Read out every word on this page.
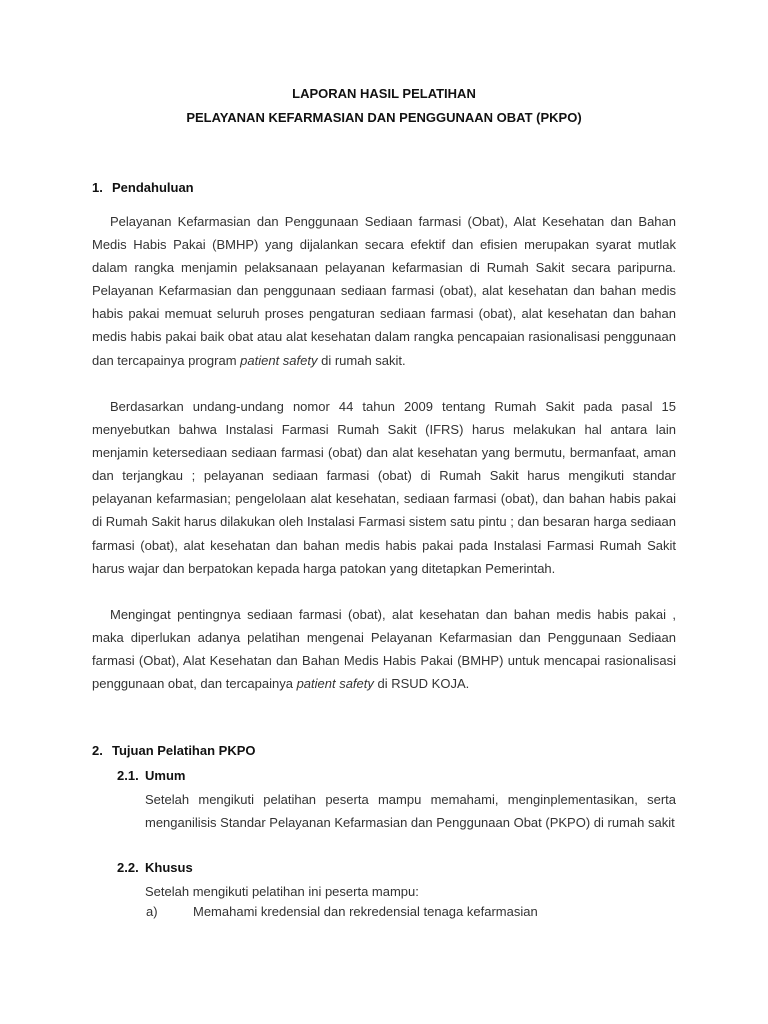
LAPORAN HASIL PELATIHAN
PELAYANAN KEFARMASIAN DAN PENGGUNAAN OBAT (PKPO)
1. Pendahuluan
Pelayanan Kefarmasian dan Penggunaan Sediaan farmasi (Obat), Alat Kesehatan dan Bahan Medis Habis Pakai (BMHP) yang dijalankan secara efektif dan efisien merupakan syarat mutlak dalam rangka menjamin pelaksanaan pelayanan kefarmasian di Rumah Sakit secara paripurna. Pelayanan Kefarmasian dan penggunaan sediaan farmasi (obat), alat kesehatan dan bahan medis habis pakai memuat seluruh proses pengaturan sediaan farmasi (obat), alat kesehatan dan bahan medis habis pakai baik obat atau alat kesehatan dalam rangka pencapaian rasionalisasi penggunaan dan tercapainya program patient safety di rumah sakit.
Berdasarkan undang-undang nomor 44 tahun 2009 tentang Rumah Sakit pada pasal 15 menyebutkan bahwa Instalasi Farmasi Rumah Sakit (IFRS) harus melakukan hal antara lain menjamin ketersediaan sediaan farmasi (obat) dan alat kesehatan yang bermutu, bermanfaat, aman dan terjangkau ; pelayanan sediaan farmasi (obat) di Rumah Sakit harus mengikuti standar pelayanan kefarmasian; pengelolaan alat kesehatan, sediaan farmasi (obat), dan bahan habis pakai di Rumah Sakit harus dilakukan oleh Instalasi Farmasi sistem satu pintu ; dan besaran harga sediaan farmasi (obat), alat kesehatan dan bahan medis habis pakai pada Instalasi Farmasi Rumah Sakit harus wajar dan berpatokan kepada harga patokan yang ditetapkan Pemerintah.
Mengingat pentingnya sediaan farmasi (obat), alat kesehatan dan bahan medis habis pakai , maka diperlukan adanya pelatihan mengenai Pelayanan Kefarmasian dan Penggunaan Sediaan farmasi (Obat), Alat Kesehatan dan Bahan Medis Habis Pakai (BMHP) untuk mencapai rasionalisasi penggunaan obat, dan tercapainya patient safety di RSUD KOJA.
2. Tujuan Pelatihan PKPO
2.1. Umum
Setelah mengikuti pelatihan peserta mampu memahami, menginplementasikan, serta menganilisis Standar Pelayanan Kefarmasian dan Penggunaan Obat (PKPO) di rumah sakit
2.2. Khusus
Setelah mengikuti pelatihan ini peserta mampu:
a)	Memahami kredensial dan rekredensial tenaga kefarmasian
